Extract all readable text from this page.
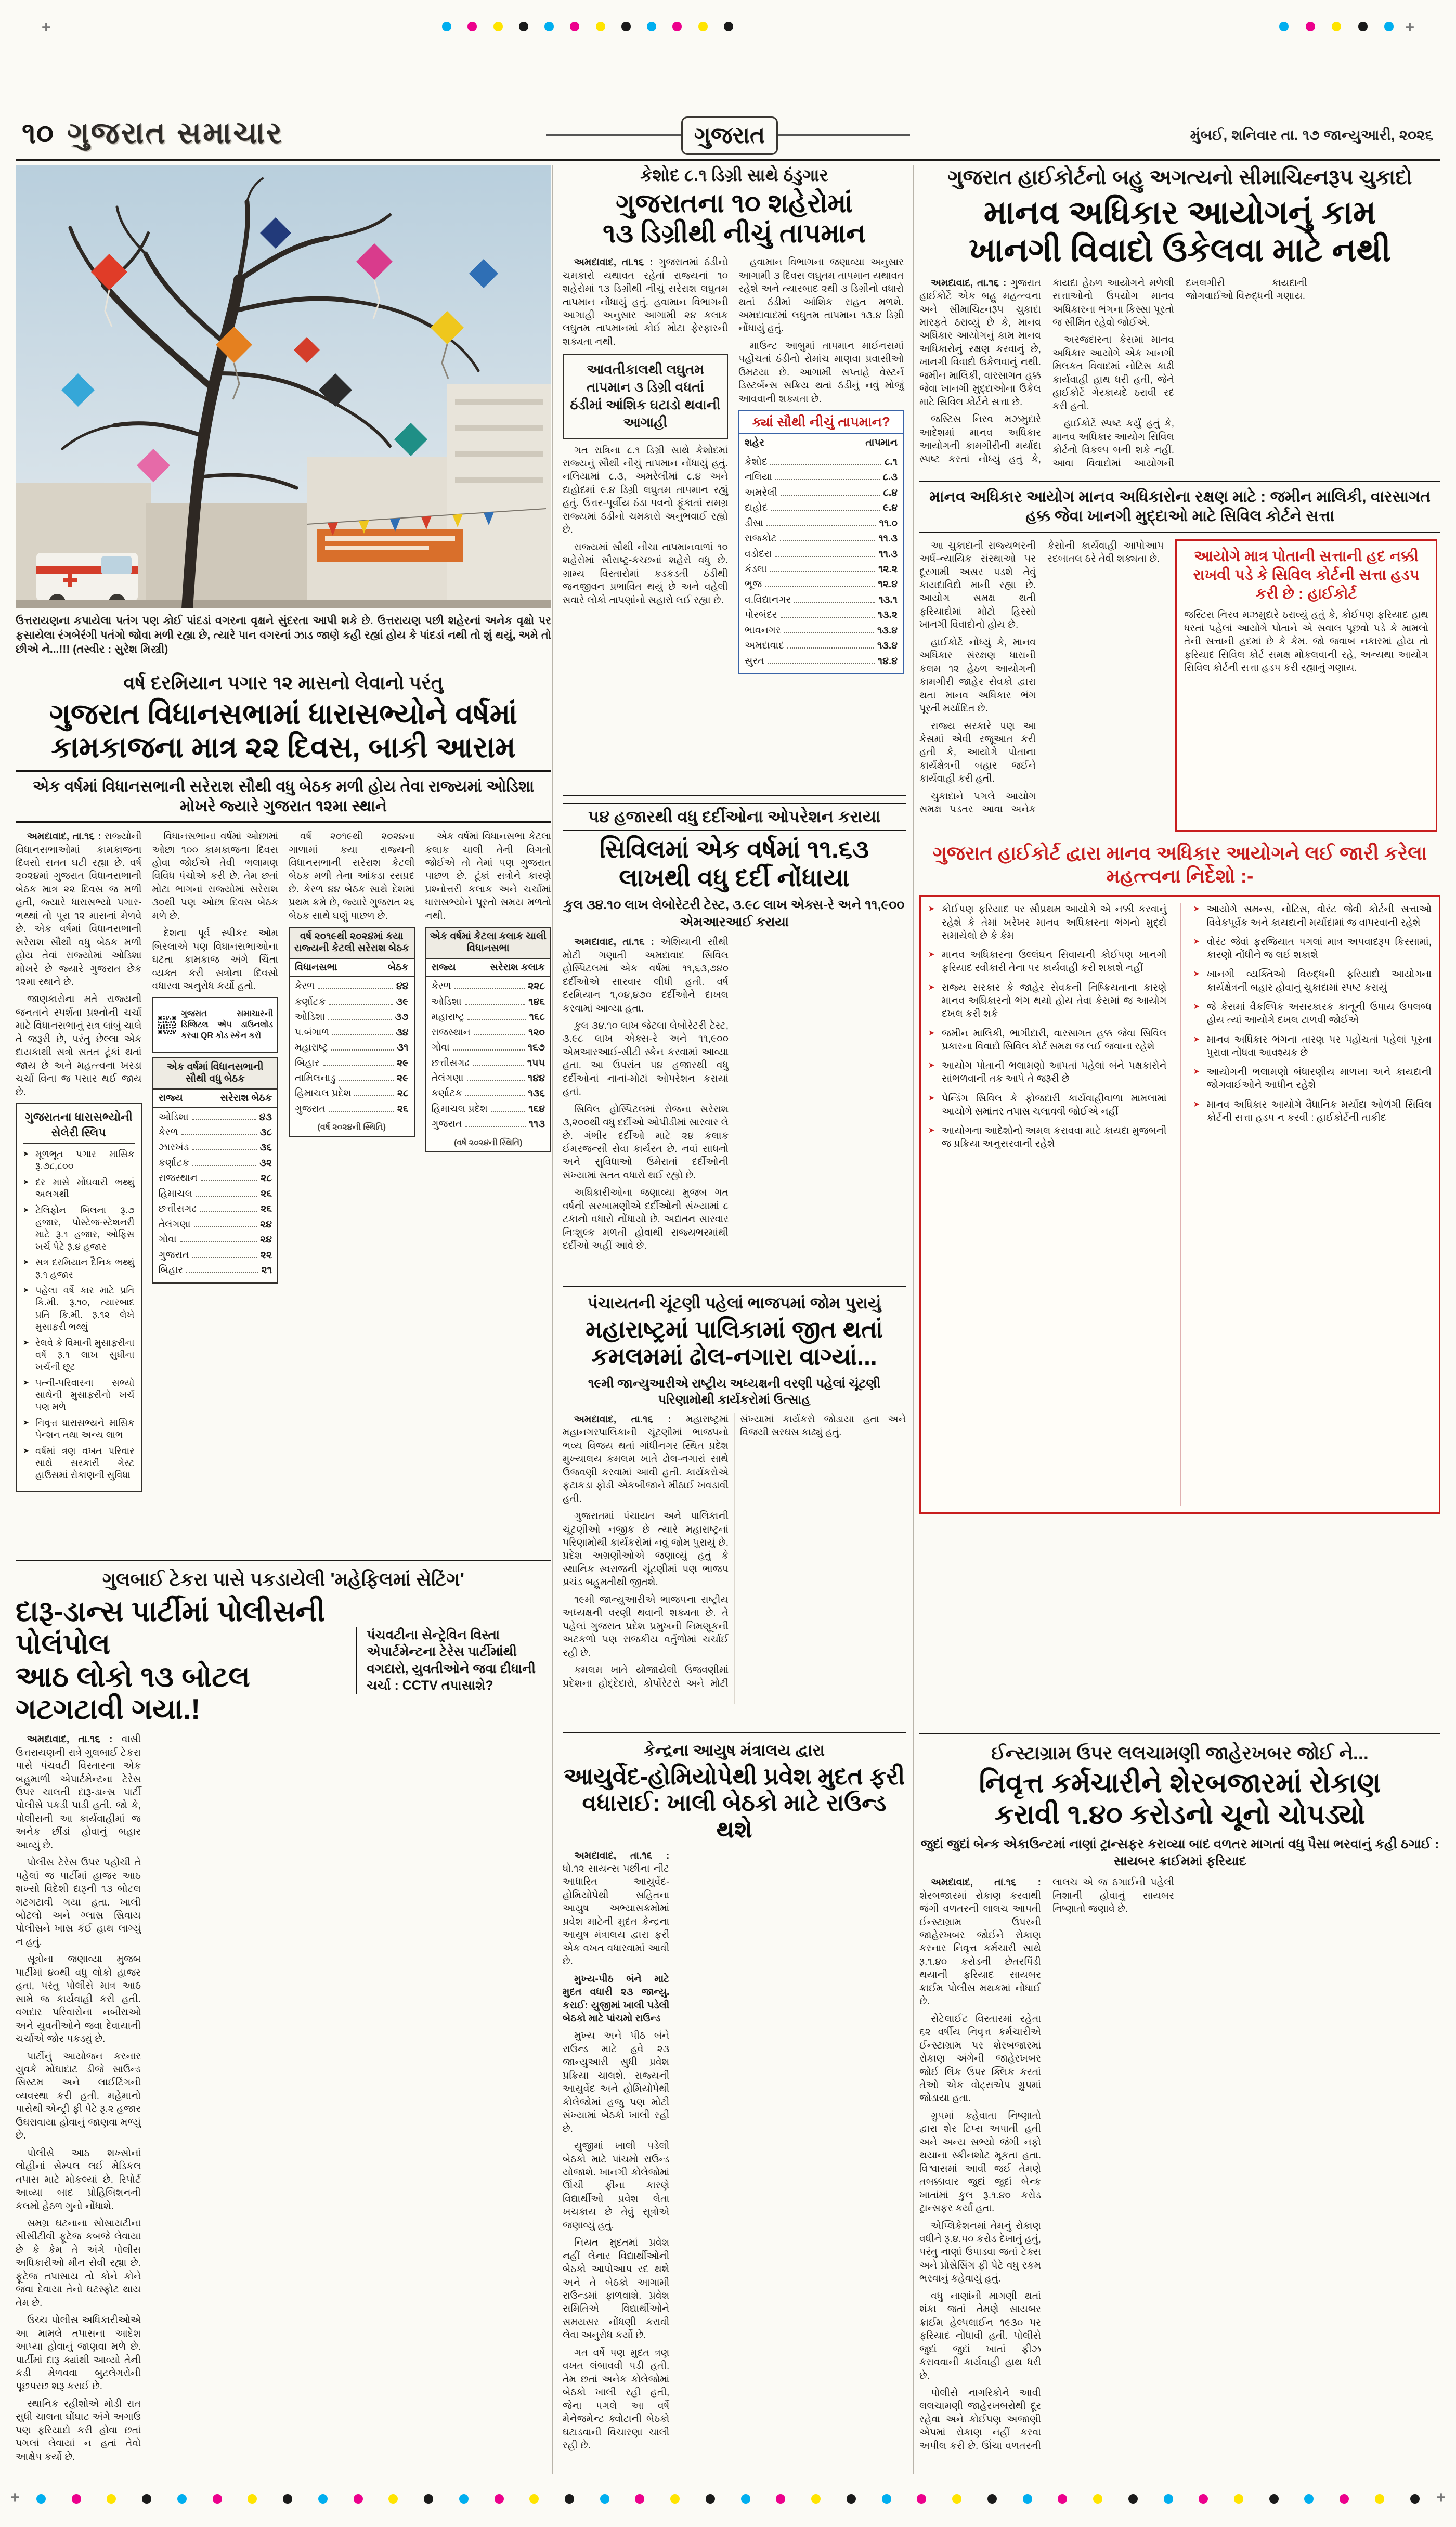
+	+
૧૦ ગુજરાત સમાચાર	ગુજરાત	મુંબઈ, શનિવાર તા. ૧૭ જાન્યુઆરી, ૨૦૨૬
ઉત્તરાયણના કપાયેલા પતંગ પણ કોઈ પાંદડાં વગરના વૃક્ષને સુંદરતા આપી શકે છે. ઉત્તરાયણ પછી શહેરનાં અનેક વૃક્ષો પર ફસાયેલા રંગબેરંગી પતંગો જોવા મળી રહ્યા છે, ત્યારે પાન વગરનાં ઝાડ જાણે કહી રહ્યાં હોય કે પાંદડાં નથી તો શું થયું, અમે તો છીએ ને...!!! (તસ્વીર : સુરેશ મિસ્ત્રી)
વર્ષ દરમિયાન પગાર ૧૨ માસનો લેવાનો પરંતુ
ગુજરાત વિધાનસભામાં ધારાસભ્યોને વર્ષમાં કામકાજના માત્ર ૨૨ દિવસ, બાકી આરામ
એક વર્ષમાં વિધાનસભાની સરેરાશ સૌથી વધુ બેઠક મળી હોય તેવા રાજ્યમાં ઓડિશા મોખરે જ્યારે ગુજરાત ૧૨મા સ્થાને

અમદાવાદ, તા.૧૬ : રાજ્યોની વિધાનસભાઓમાં કામકાજના દિવસો સતત ઘટી રહ્યા છે. વર્ષ ૨૦૨૪માં ગુજરાત વિધાનસભાની બેઠક માત્ર ૨૨ દિવસ જ મળી હતી, જ્યારે ધારાસભ્યો પગાર-ભથ્થાં તો પૂરા ૧૨ માસનાં મેળવે છે. એક વર્ષમાં વિધાનસભાની સરેરાશ સૌથી વધુ બેઠક મળી હોય તેવાં રાજ્યોમાં ઓડિશા મોખરે છે જ્યારે ગુજરાત છેક ૧૨મા સ્થાને છે.

જાણકારોના મતે રાજ્યની જનતાને સ્પર્શતા પ્રશ્નોની ચર્ચા માટે વિધાનસભાનું સત્ર લાંબું ચાલે તે જરૂરી છે, પરંતુ છેલ્લા એક દાયકાથી સત્રો સતત ટૂંકાં થતાં જાય છે અને મહત્ત્વના ખરડા ચર્ચા વિના જ પસાર થઈ જાય છે.

ગુજરાતના ધારાસભ્યોની સેલેરી સ્લિપ

➤ મૂળભૂત પગાર માસિક રૂ.૭૮,૮૦૦

➤ દર માસે મોંઘવારી ભથ્થું અલગથી

➤ ટેલિફોન બિલના રૂ.૭ હજાર, પોસ્ટેજ-સ્ટેશનરી માટે રૂ.૧ હજાર, ઓફિસ ખર્ચ પેટે રૂ.૪ હજાર

➤ સત્ર દરમિયાન દૈનિક ભથ્થું રૂ.૧ હજાર

➤ પહેલા વર્ષે કાર માટે પ્રતિ કિ.મી. રૂ.૧૦, ત્યારબાદ પ્રતિ કિ.મી. રૂ.૧૨ લેખે મુસાફરી ભથ્થું

➤ રેલવે કે વિમાની મુસાફરીના વર્ષે રૂ.૧ લાખ સુધીના ખર્ચની છૂટ

➤ પત્ની-પરિવારના સભ્યો સાથેની મુસાફરીનો ખર્ચ પણ મળે

➤ નિવૃત્ત ધારાસભ્યને માસિક પેન્શન તથા અન્ય લાભ

➤ વર્ષમાં ત્રણ વખત પરિવાર સાથે સરકારી ગેસ્ટ હાઉસમાં રોકાણની સુવિધા

વિધાનસભાના વર્ષમાં ઓછામાં ઓછા ૧૦૦ કામકાજના દિવસ હોવા જોઈએ તેવી ભલામણ વિવિધ પંચોએ કરી છે. તેમ છતાં મોટા ભાગનાં રાજ્યોમાં સરેરાશ ૩૦થી પણ ઓછા દિવસ બેઠક મળે છે.

દેશના પૂર્વ સ્પીકર ઓમ બિરલાએ પણ વિધાનસભાઓના ઘટતા કામકાજ અંગે ચિંતા વ્યક્ત કરી સત્રોના દિવસો વધારવા અનુરોધ કર્યો હતો.

ગુજરાત સમાચારની ડિજિટલ એપ ડાઉનલોડ કરવા QR કોડ સ્કેન કરો
એક વર્ષમાં વિધાનસભાની સૌથી વધુ બેઠક
રાજ્ય	સરેરાશ બેઠક
ઓડિશા	૪૩
કેરળ	૩૮
ઝારખંડ	૩૬
કર્ણાટક	૩૨
રાજસ્થાન	૨૮
હિમાચલ	૨૬
છત્તીસગઢ	૨૬
તેલંગણા	૨૪
ગોવા	૨૪
ગુજરાત	૨૨
બિહાર	૨૧

વર્ષ ૨૦૧૯થી ૨૦૨૪ના ગાળામાં કયા રાજ્યની વિધાનસભાની સરેરાશ કેટલી બેઠક મળી તેના આંકડા રસપ્રદ છે. કેરળ ૪૪ બેઠક સાથે દેશમાં પ્રથમ ક્રમે છે, જ્યારે ગુજરાત ૨૬ બેઠક સાથે ઘણું પાછળ છે.

વર્ષ ૨૦૧૯થી ૨૦૨૪માં કયા રાજ્યની કેટલી સરેરાશ બેઠક
વિધાનસભા	બેઠક
કેરળ	૪૪
કર્ણાટક	૩૯
ઓડિશા	૩૭
પ.બંગાળ	૩૪
મહારાષ્ટ્ર	૩૧
બિહાર	૨૯
તામિલનાડુ	૨૯
હિમાચલ પ્રદેશ	૨૮
ગુજરાત	૨૬
(વર્ષ ૨૦૨૪ની સ્થિતિ)

એક વર્ષમાં વિધાનસભા કેટલા કલાક ચાલી તેની વિગતો જોઈએ તો તેમાં પણ ગુજરાત પાછળ છે. ટૂંકાં સત્રોને કારણે પ્રશ્નોત્તરી કલાક અને ચર્ચામાં ધારાસભ્યોને પૂરતો સમય મળતો નથી.

એક વર્ષમાં કેટલા કલાક ચાલી વિધાનસભા
રાજ્ય	સરેરાશ કલાક
કેરળ	૨૨૮
ઓડિશા	૧૪૬
મહારાષ્ટ્ર	૧૬૮
રાજસ્થાન	૧૨૦
ગોવા	૧૬૭
છત્તીસગઢ	૧૫૫
તેલંગણા	૧૪૪
કર્ણાટક	૧૩૬
હિમાચલ પ્રદેશ	૧૬૪
ગુજરાત	૧૧૩
(વર્ષ ૨૦૨૪ની સ્થિતિ)
ગુલબાઈ ટેકરા પાસે પકડાયેલી 'મહે​ફિલમાં સેટિંગ'
દારૂ-ડાન્સ પાર્ટીમાં પોલીસની પોલંપોલ
આઠ લોકો ૧૩ બોટલ ગટગટાવી ગયા.!
પંચવટીના સેન્ટ્રેવિન વિસ્તા એપાર્ટમેન્ટના ટેરેસ પાર્ટીમાંથી વગદારો, યુવતીઓને જવા દીધાની ચર્ચા : CCTV તપાસાશે?

અમદાવાદ, તા.૧૬ : વાસી ઉત્તરાયણની રાત્રે ગુલબાઈ ટેકરા પાસે પંચવટી વિસ્તારના એક બહુમાળી એપાર્ટમેન્ટના ટેરેસ ઉપર ચાલતી દારૂ-ડાન્સ પાર્ટી પોલીસે પકડી પાડી હતી. જો કે, પોલીસની આ કાર્યવાહીમાં જ અનેક છીંડાં હોવાનું બહાર આવ્યું છે.

પોલીસ ટેરેસ ઉપર પહોંચી તે પહેલાં જ પાર્ટીમાં હાજર આઠ શખ્સો વિદેશી દારૂની ૧૩ બોટલ ગટગટાવી ગયા હતા. ખાલી બોટલો અને ગ્લાસ સિવાય પોલીસને ખાસ કંઈ હાથ લાગ્યું ન હતું.

સૂત્રોના જણાવ્યા મુજબ પાર્ટીમાં ૪૦થી વધુ લોકો હાજર હતા, પરંતુ પોલીસે માત્ર આઠ સામે જ કાર્યવાહી કરી હતી. વગદાર પરિવારોના નબીરાઓ અને યુવતીઓને જવા દેવાયાની ચર્ચાએ જોર પકડ્યું છે.

પાર્ટીનું આયોજન કરનાર યુવકે મોંઘાદાટ ડીજે સાઉન્ડ સિસ્ટમ અને લાઈટિંગની વ્યવસ્થા કરી હતી. મહેમાનો પાસેથી એન્ટ્રી ફી પેટે રૂ.૨ હજાર ઉઘરાવાયા હોવાનું જાણવા મળ્યું છે.

પોલીસે આઠ શખ્સોનાં લોહીનાં સેમ્પલ લઈ મેડિકલ તપાસ માટે મોકલ્યાં છે. રિપોર્ટ આવ્યા બાદ પ્રોહિબિશનની કલમો હેઠળ ગુનો નોંધાશે.

સમગ્ર ઘટનાના સોસાયટીના સીસીટીવી ફૂટેજ કબજે લેવાયા છે કે કેમ તે અંગે પોલીસ અધિકારીઓ મૌન સેવી રહ્યા છે. ફૂટેજ તપાસાય તો કોને કોને જવા દેવાયા તેનો ઘટસ્ફોટ થાય તેમ છે.

ઉચ્ચ પોલીસ અધિકારીઓએ આ મામલે તપાસના આદેશ આપ્યા હોવાનું જાણવા મળે છે. પાર્ટીમાં દારૂ ક્યાંથી આવ્યો તેની કડી મેળવવા બુટલેગરોની પૂછપરછ શરૂ કરાઈ છે.

સ્થાનિક રહીશોએ મોડી રાત સુધી ચાલતા ઘોંઘાટ અંગે અગાઉ પણ ફરિયાદો કરી હોવા છતાં પગલાં લેવાયાં ન હતાં તેવો આક્ષેપ કર્યો છે.

કેશોદ ૮.૧ ડિગ્રી સાથે ઠંડુગાર
ગુજરાતના ૧૦ શહેરોમાં
૧૩ ડિગ્રીથી નીચું તાપમાન

અમદાવાદ, તા.૧૬ : ગુજરાતમાં ઠંડીનો ચમકારો યથાવત રહેતાં રાજ્યનાં ૧૦ શહેરોમાં ૧૩ ડિગ્રીથી નીચું સરેરાશ લઘુતમ તાપમાન નોંધાયું હતું. હવામાન વિભાગની આગાહી અનુસાર આગામી ૨૪ કલાક લઘુતમ તાપમાનમાં કોઈ મોટા ફેરફારની શક્યતા નથી.

આવતીકાલથી લઘુતમ તાપમાન ૩ ડિગ્રી વધતાં ઠંડીમાં આંશિક ઘટાડો થવાની આગાહી

ગત રાત્રિના ૮.૧ ડિગ્રી સાથે કેશોદમાં રાજ્યનું સૌથી નીચું તાપમાન નોંધાયું હતું. નલિયામાં ૮.૩, અમરેલીમાં ૮.૪ અને દાહોદમાં ૯.૪ ડિગ્રી લઘુતમ તાપમાન રહ્યું હતું. ઉત્તર-પૂર્વીય ઠંડા પવનો ફૂંકાતાં સમગ્ર રાજ્યમાં ઠંડીનો ચમકારો અનુભવાઈ રહ્યો છે.

રાજ્યમાં સૌથી નીચા તાપમાનવાળાં ૧૦ શહેરોમાં સૌરાષ્ટ્ર-કચ્છનાં શહેરો વધુ છે. ગ્રામ્ય વિસ્તારોમાં કડકડતી ઠંડીથી જનજીવન પ્રભાવિત થયું છે અને વહેલી સવારે લોકો તાપણાંનો સહારો લઈ રહ્યા છે.

હવામાન વિભાગના જણાવ્યા અનુસાર આગામી ૩ દિવસ લઘુતમ તાપમાન યથાવત રહેશે અને ત્યારબાદ ૨થી ૩ ડિગ્રીનો વધારો થતાં ઠંડીમાં આંશિક રાહત મળશે. અમદાવાદમાં લઘુતમ તાપમાન ૧૩.૪ ડિગ્રી નોંધાયું હતું.

માઉન્ટ આબુમાં તાપમાન માઈનસમાં પહોંચતાં ઠંડીનો રોમાંચ માણવા પ્રવાસીઓ ઉમટયા છે. આગામી સપ્તાહે વેસ્ટર્ન ડિસ્ટર્બન્સ સક્રિય થતાં ઠંડીનું નવું મોજું આવવાની શક્યતા છે.

ક્યાં સૌથી નીચું તાપમાન?
શહેર	તાપમાન
કેશોદ	૮.૧
નલિયા	૮.૩
અમરેલી	૮.૪
દાહોદ	૯.૪
ડીસા	૧૧.૦
રાજકોટ	૧૧.૩
વડોદરા	૧૧.૩
કંડલા	૧૨.૨
ભૂજ	૧૨.૪
વ.વિદ્યાનગર	૧૩.૧
પોરબંદર	૧૩.૨
ભાવનગર	૧૩.૪
અમદાવાદ	૧૩.૪
સુરત	૧૪.૪
૫૪ હજારથી વધુ દર્દીઓના ઓપરેશન કરાયા
સિવિલમાં એક વર્ષમાં ૧૧.૬૩ લાખથી વધુ દર્દી નોંધાયા
કુલ ૩૪.૧૦ લાખ લેબોરેટરી ટેસ્ટ, ૩.૯૮ લાખ એક્સ-રે અને ૧૧,૯૦૦ એમઆરઆઈ કરાયા

અમદાવાદ, તા.૧૬ : એશિયાની સૌથી મોટી ગણાતી અમદાવાદ સિવિલ હોસ્પિટલમાં એક વર્ષમાં ૧૧,૬૩,૭૪૦ દર્દીઓએ સારવાર લીધી હતી. વર્ષ દરમિયાન ૧,૦૪,૪૭૦ દર્દીઓને દાખલ કરવામાં આવ્યા હતા.

કુલ ૩૪.૧૦ લાખ જેટલા લેબોરેટરી ટેસ્ટ, ૩.૯૮ લાખ એક્સ-રે અને ૧૧,૯૦૦ એમઆરઆઈ-સીટી સ્કેન કરવામાં આવ્યા હતા. આ ઉપરાંત ૫૪ હજારથી વધુ દર્દીઓનાં નાનાં-મોટાં ઓપરેશન કરાયાં હતાં.

સિવિલ હોસ્પિટલમાં રોજના સરેરાશ ૩,૨૦૦થી વધુ દર્દીઓ ઓપીડીમાં સારવાર લે છે. ગંભીર દર્દીઓ માટે ૨૪ કલાક ઈમરજન્સી સેવા કાર્યરત છે. નવાં સાધનો અને સુવિધાઓ ઉમેરાતાં દર્દીઓની સંખ્યામાં સતત વધારો થઈ રહ્યો છે.

અધિકારીઓના જણાવ્યા મુજબ ગત વર્ષની સરખામણીએ દર્દીઓની સંખ્યામાં ૮ ટકાનો વધારો નોંધાયો છે. અદ્યતન સારવાર નિઃશુલ્ક મળતી હોવાથી રાજ્યભરમાંથી દર્દીઓ અહીં આવે છે.

પંચાયતની ચૂંટણી પહેલાં ભાજપમાં જોમ પુરાયું
મહારાષ્ટ્રમાં પાલિકામાં જીત થતાં
કમલમમાં ઢોલ-નગારા વાગ્યાં...
૧૯મી જાન્યુઆરીએ રાષ્ટ્રીય અધ્યક્ષની વરણી પહેલાં ચૂંટણી પરિણામોથી કાર્યકરોમાં ઉત્સાહ

અમદાવાદ, તા.૧૬ : મહારાષ્ટ્રમાં મહાનગરપાલિકાની ચૂંટણીમાં ભાજપનો ભવ્ય વિજય થતાં ગાંધીનગર સ્થિત પ્રદેશ મુખ્યાલય કમલમ ખાતે ઢોલ-નગારાં સાથે ઉજવણી કરવામાં આવી હતી. કાર્યકરોએ ફટાકડા ફોડી એકબીજાને મીઠાઈ ખવડાવી હતી.

ગુજરાતમાં પંચાયત અને પાલિકાની ચૂંટણીઓ નજીક છે ત્યારે મહારાષ્ટ્રનાં પરિણામોથી કાર્યકરોમાં નવું જોમ પુરાયું છે. પ્રદેશ અગ્રણીઓએ જણાવ્યું હતું કે સ્થાનિક સ્વરાજની ચૂંટણીમાં પણ ભાજપ પ્રચંડ બહુમતીથી જીતશે.

૧૯મી જાન્યુઆરીએ ભાજપના રાષ્ટ્રીય અધ્યક્ષની વરણી થવાની શક્યતા છે. તે પહેલાં ગુજરાત પ્રદેશ પ્રમુખની નિમણૂકની અટકળો પણ રાજકીય વર્તુળોમાં ચર્ચાઈ રહી છે.

કમલમ ખાતે યોજાયેલી ઉજવણીમાં પ્રદેશના હોદ્દેદારો, કોર્પોરેટરો અને મોટી સંખ્યામાં કાર્યકરો જોડાયા હતા અને વિજયી સરઘસ કાઢ્યું હતું.

કેન્દ્રના આયુષ મંત્રાલય દ્વારા
આયુર્વેદ-હોમિયોપેથી પ્રવેશ મુદત ફરી
વધારાઈ: ખાલી બેઠકો માટે રાઉન્ડ થશે

અમદાવાદ, તા.૧૬ : ધો.૧૨ સાયન્સ પછીના નીટ આધારિત આયુર્વેદ-હોમિયોપેથી સહિતના આયુષ અભ્યાસક્રમોમાં પ્રવેશ માટેની મુદત કેન્દ્રના આયુષ મંત્રાલય દ્વારા ફરી એક વખત વધારવામાં આવી છે.

મુખ્ય-પીઠ બંને માટે મુદત વધારી ૨૩ જાન્યુ. કરાઈ: યુજીમાં ખાલી પડેલી બેઠકો માટે પાંચમો રાઉન્ડ

મુખ્ય અને પીઠ બંને રાઉન્ડ માટે હવે ૨૩ જાન્યુઆરી સુધી પ્રવેશ પ્રક્રિયા ચાલશે. રાજ્યની આયુર્વેદ અને હોમિયોપેથી કોલેજોમાં હજુ પણ મોટી સંખ્યામાં બેઠકો ખાલી રહી છે.

યુજીમાં ખાલી પડેલી બેઠકો માટે પાંચમો રાઉન્ડ યોજાશે. ખાનગી કોલેજોમાં ઊંચી ફીના કારણે વિદ્યાર્થીઓ પ્રવેશ લેતા ખચકાય છે તેવું સૂત્રોએ જણાવ્યું હતું.

નિયત મુદતમાં પ્રવેશ નહીં લેનાર વિદ્યાર્થીઓની બેઠકો આપોઆપ રદ થશે અને તે બેઠકો આગામી રાઉન્ડમાં ફાળવાશે. પ્રવેશ સમિતિએ વિદ્યાર્થીઓને સમયસર નોંધણી કરાવી લેવા અનુરોધ કર્યો છે.

ગત વર્ષે પણ મુદત ત્રણ વખત લંબાવવી પડી હતી. તેમ છતાં અનેક કોલેજોમાં બેઠકો ખાલી રહી હતી, જેના પગલે આ વર્ષે મેનેજમેન્ટ ક્વોટાની બેઠકો ઘટાડવાની વિચારણા ચાલી રહી છે.

ગુજરાત હાઈકોર્ટનો બહુ અગત્યનો સીમાચિહ્નરૂપ ચુકાદો
માનવ અધિકાર આયોગનું કામ
ખાનગી વિવાદો ઉકેલવા માટે નથી

અમદાવાદ, તા.૧૬ : ગુજરાત હાઈકોર્ટે એક બહુ મહત્ત્વના અને સીમાચિહ્નરૂપ ચુકાદા મારફતે ઠરાવ્યું છે કે, માનવ અધિકાર આયોગનું કામ માનવ અધિકારોનું રક્ષણ કરવાનું છે, ખાનગી વિવાદો ઉકેલવાનું નથી. જમીન માલિકી, વારસાગત હક્ક જેવા ખાનગી મુદ્દાઓના ઉકેલ માટે સિવિલ કોર્ટને સત્તા છે.

જસ્ટિસ નિરવ મઝમુદારે આદેશમાં માનવ અધિકાર આયોગની કામગીરીની મર્યાદા સ્પષ્ટ કરતાં નોંધ્યું હતું કે, કાયદા હેઠળ આયોગને મળેલી સત્તાઓનો ઉપયોગ માનવ અધિકારના ભંગના કિસ્સા પૂરતો જ સીમિત રહેવો જોઈએ.

અરજદારના કેસમાં માનવ અધિકાર આયોગે એક ખાનગી મિલકત વિવાદમાં નોટિસ કાઢી કાર્યવાહી હાથ ધરી હતી, જેને હાઈકોર્ટે ગેરકાયદે ઠરાવી રદ કરી હતી.

હાઈકોર્ટે સ્પષ્ટ કર્યું હતું કે, માનવ અધિકાર આયોગ સિવિલ કોર્ટનો વિકલ્પ બની શકે નહીં. આવા વિવાદોમાં આયોગની દખલગીરી કાયદાની જોગવાઈઓ વિરુદ્ધની ગણાય.

માનવ અધિકાર આયોગ માનવ અધિકારોના રક્ષણ માટે : જમીન માલિકી, વારસાગત હક્ક જેવા ખાનગી મુદ્દાઓ માટે સિવિલ કોર્ટને સત્તા

આ ચુકાદાની રાજ્યભરની અર્ધ-ન્યાયિક સંસ્થાઓ પર દૂરગામી અસર પડશે તેવું કાયદાવિદો માની રહ્યા છે. આયોગ સમક્ષ થતી ફરિયાદોમાં મોટો હિસ્સો ખાનગી વિવાદોનો હોય છે.

હાઈકોર્ટે નોંધ્યું કે, માનવ અધિકાર સંરક્ષણ ધારાની કલમ ૧૨ હેઠળ આયોગની કામગીરી જાહેર સેવકો દ્વારા થતા માનવ અધિકાર ભંગ પૂરતી મર્યાદિત છે.

રાજ્ય સરકારે પણ આ કેસમાં એવી રજૂઆત કરી હતી કે, આયોગે પોતાના કાર્યક્ષેત્રની બહાર જઈને કાર્યવાહી કરી હતી.

ચુકાદાને પગલે આયોગ સમક્ષ પડતર આવા અનેક કેસોની કાર્યવાહી આપોઆપ રદબાતલ ઠરે તેવી શક્યતા છે.	આયોગે માત્ર પોતાની સત્તાની હદ નક્કી રાખવી પડે કે સિવિલ કોર્ટની સત્તા હડપ કરી છે : હાઈકોર્ટ
જસ્ટિસ નિરવ મઝમુદારે ઠરાવ્યું હતું કે, કોઈપણ ફરિયાદ હાથ ધરતાં પહેલાં આયોગે પોતાને એ સવાલ પૂછવો પડે કે મામલો તેની સત્તાની હદમાં છે કે કેમ. જો જવાબ નકારમાં હોય તો ફરિયાદ સિવિલ કોર્ટ સમક્ષ મોકલવાની રહે, અન્યથા આયોગ સિવિલ કોર્ટની સત્તા હડપ કરી રહ્યાનું ગણાય.
ગુજરાત હાઈકોર્ટ દ્વારા માનવ અધિકાર આયોગને લઈ જારી કરેલા મહત્ત્વના નિર્દેશો :-

➤ કોઈપણ ફરિયાદ પર સૌપ્રથમ આયોગે એ નક્કી કરવાનું રહેશે કે તેમાં ખરેખર માનવ અધિકારના ભંગનો મુદ્દો સમાયેલો છે કે કેમ

➤ માનવ અધિકારના ઉલ્લંઘન સિવાયની કોઈપણ ખાનગી ફરિયાદ સ્વીકારી તેના પર કાર્યવાહી કરી શકાશે નહીં

➤ રાજ્ય સરકાર કે જાહેર સેવકની નિષ્ક્રિયતાના કારણે માનવ અધિકારનો ભંગ થયો હોય તેવા કેસમાં જ આયોગ દખલ કરી શકે

➤ જમીન માલિકી, ભાગીદારી, વારસાગત હક્ક જેવા સિવિલ પ્રકારના વિવાદો સિવિલ કોર્ટ સમક્ષ જ લઈ જવાના રહેશે

➤ આયોગ પોતાની ભલામણો આપતાં પહેલાં બંને પક્ષકારોને સાંભળવાની તક આપે તે જરૂરી છે

➤ પેન્ડિંગ સિવિલ કે ફોજદારી કાર્યવાહીવાળા મામલામાં આયોગે સમાંતર તપાસ ચલાવવી જોઈએ નહીં

➤ આયોગના આદેશોનો અમલ કરાવવા માટે કાયદા મુજબની જ પ્રક્રિયા અનુસરવાની રહેશે

➤ આયોગે સમન્સ, નોટિસ, વોરંટ જેવી કોર્ટની સત્તાઓ વિવેકપૂર્વક અને કાયદાની મર્યાદામાં જ વાપરવાની રહેશે

➤ વોરંટ જેવાં ફરજિયાત પગલાં માત્ર અપવાદરૂપ કિસ્સામાં, કારણો નોંધીને જ લઈ શકાશે

➤ ખાનગી વ્યક્તિઓ વિરુદ્ધની ફરિયાદો આયોગના કાર્યક્ષેત્રની બહાર હોવાનું ચુકાદામાં સ્પષ્ટ કરાયું

➤ જે કેસમાં વૈકલ્પિક અસરકારક કાનૂની ઉપાય ઉપલબ્ધ હોય ત્યાં આયોગે દખલ ટાળવી જોઈએ

➤ માનવ અધિકાર ભંગના તારણ પર પહોંચતાં પહેલાં પૂરતા પુરાવા નોંધવા આવશ્યક છે

➤ આયોગની ભલામણો બંધારણીય માળખા અને કાયદાની જોગવાઈઓને આધીન રહેશે

➤ માનવ અધિકાર આયોગે વૈધાનિક મર્યાદા ઓળંગી સિવિલ કોર્ટની સત્તા હડપ ન કરવી : હાઈકોર્ટની તાકીદ

ઈન્સ્ટાગ્રામ ઉપર લલચામણી જાહેરખબર જોઈ ને...
નિવૃત્ત કર્મચારીને શેરબજારમાં રોકાણ
કરાવી ૧.૪૦ કરોડનો ચૂનો ચોપડ્યો
જુદાં જુદાં બેન્ક એકાઉન્ટમાં નાણાં ટ્રાન્સફર કરાવ્યા બાદ વળતર માગતાં વધુ પૈસા ભરવાનું કહી ઠગાઈ : સાયબર ક્રાઈમમાં ફરિયાદ

અમદાવાદ, તા.૧૬ : શેરબજારમાં રોકાણ કરવાથી જંગી વળતરની લાલચ આપતી ઈન્સ્ટાગ્રામ ઉપરની જાહેરખબર જોઈને રોકાણ કરનાર નિવૃત્ત કર્મચારી સાથે રૂ.૧.૪૦ કરોડની છેતરપિંડી થયાની ફરિયાદ સાયબર ક્રાઈમ પોલીસ મથકમાં નોંધાઈ છે.

સેટેલાઈટ વિસ્તારમાં રહેતા ૬૨ વર્ષીય નિવૃત્ત કર્મચારીએ ઈન્સ્ટાગ્રામ પર શેરબજારમાં રોકાણ અંગેની જાહેરખબર જોઈ લિંક ઉપર ક્લિક કરતાં તેઓ એક વોટ્સએપ ગ્રુપમાં જોડાયા હતા.

ગ્રુપમાં કહેવાતા નિષ્ણાતો દ્વારા શેર ટિપ્સ અપાતી હતી અને અન્ય સભ્યો જંગી નફો થયાના સ્ક્રીનશોટ મૂકતા હતા. વિશ્વાસમાં આવી જઈ તેમણે તબક્કાવાર જુદાં જુદાં બેન્ક ખાતાંમાં કુલ રૂ.૧.૪૦ કરોડ ટ્રાન્સફર કર્યા હતા.

એપ્લિકેશનમાં તેમનું રોકાણ વધીને રૂ.૪.૫૦ કરોડ દેખાતું હતું, પરંતુ નાણાં ઉપાડવા જતાં ટેક્સ અને પ્રોસેસિંગ ફી પેટે વધુ રકમ ભરવાનું કહેવાયું હતું.

વધુ નાણાંની માગણી થતાં શંકા જતાં તેમણે સાયબર ક્રાઈમ હેલ્પલાઈન ૧૯૩૦ પર ફરિયાદ નોંધાવી હતી. પોલીસે જુદાં જુદાં ખાતાં ફ્રીઝ કરાવવાની કાર્યવાહી હાથ ધરી છે.

પોલીસે નાગરિકોને આવી લલચામણી જાહેરખબરોથી દૂર રહેવા અને કોઈપણ અજાણી એપમાં રોકાણ નહીં કરવા અપીલ કરી છે. ઊંચા વળતરની લાલચ એ જ ઠગાઈની પહેલી નિશાની હોવાનું સાયબર નિષ્ણાતો જણાવે છે.

+	+
